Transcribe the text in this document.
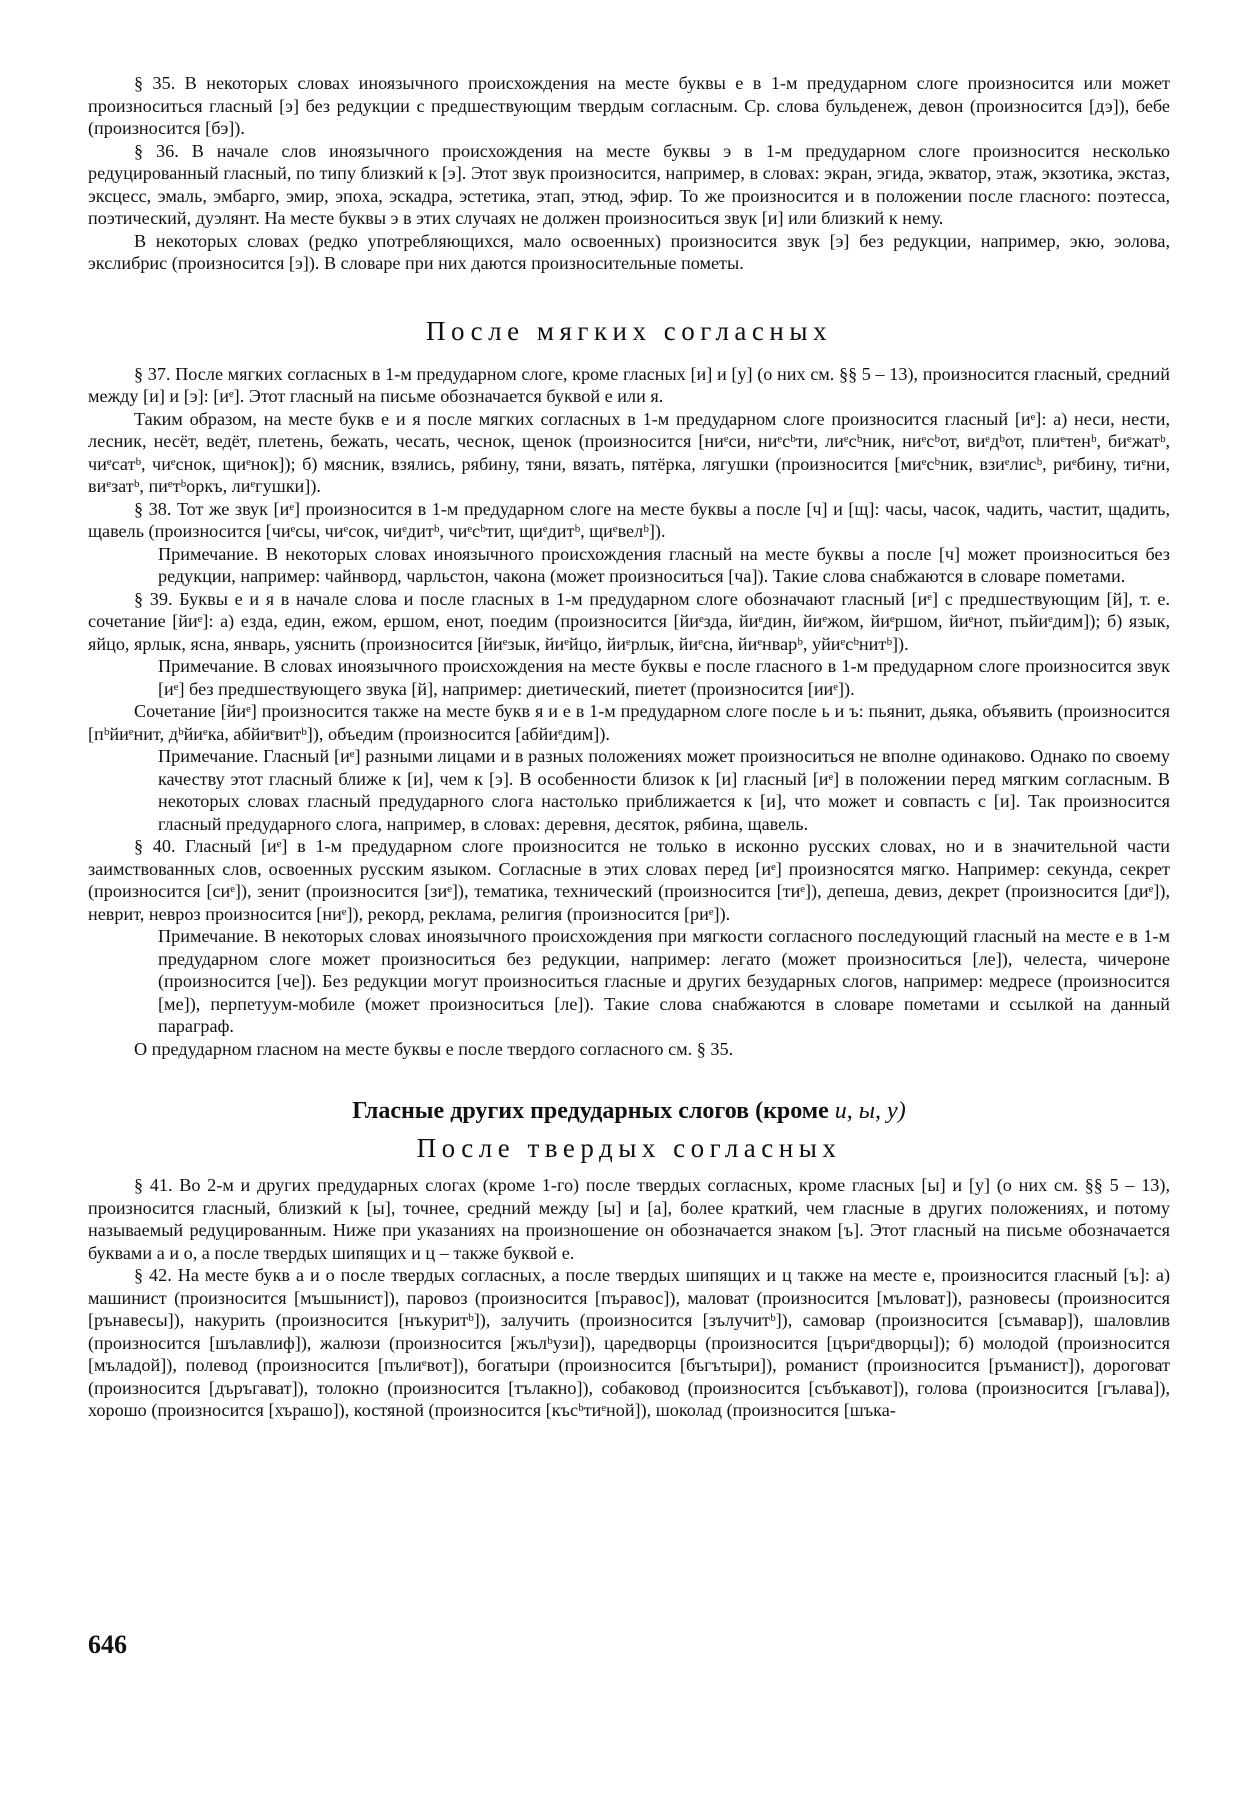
§ 35. В некоторых словах иноязычного происхождения на месте буквы е в 1-м предударном слоге произносится или может произноситься гласный [э] без редукции с предшествующим твердым согласным. Ср. слова бульденеж, девон (произносится [дэ]), бебе (произносится [бэ]).

§ 36. В начале слов иноязычного происхождения на месте буквы э в 1-м предударном слоге произносится несколько редуцированный гласный, по типу близкий к [э]. Этот звук произносится, например, в словах: экран, эгида, экватор, этаж, экзотика, экстаз, эксцесс, эмаль, эмбарго, эмир, эпоха, эскадра, эстетика, этап, этюд, эфир. То же произносится и в положении после гласного: поэтесса, поэтический, дуэлянт. На месте буквы э в этих случаях не должен произноситься звук [и] или близкий к нему.

В некоторых словах (редко употребляющихся, мало освоенных) произносится звук [э] без редукции, например, экю, эолова, экслибрис (произносится [э]). В словаре при них даются произносительные пометы.

После мягких согласных

§ 37. После мягких согласных в 1-м предударном слоге, кроме гласных [и] и [у] (о них см. §§ 5 – 13), произносится гласный, средний между [и] и [э]: [иᵉ]. Этот гласный на письме обозначается буквой е или я.

Таким образом, на месте букв е и я после мягких согласных в 1-м предударном слоге произносится гласный [иᵉ]: а) неси, нести, лесник, несёт, ведёт, плетень, бежать, чесать, чеснок, щенок (произносится [ниᵉси, ниᵉсᵇти, лиᵉсᵇник, ниᵉсᵇот, виᵉдᵇот, плиᵉтенᵇ, биᵉжатᵇ, чиᵉсатᵇ, чиᵉснок, щиᵉнок]); б) мясник, взялись, рябину, тяни, вязать, пятёрка, лягушки (произносится [миᵉсᵇник, взиᵉлисᵇ, риᵉбину, тиᵉни, виᵉзатᵇ, пиᵉтᵇоркъ, лиᵉгушки]).

§ 38. Тот же звук [иᵉ] произносится в 1-м предударном слоге на месте буквы а после [ч] и [щ]: часы, часок, чадить, частит, щадить, щавель (произносится [чиᵉсы, чиᵉсок, чиᵉдитᵇ, чиᵉсᵇтит, щиᵉдитᵇ, щиᵉвелᵇ]).

Примечание. В некоторых словах иноязычного происхождения гласный на месте буквы а после [ч] может произноситься без редукции, например: чайнворд, чарльстон, чакона (может произноситься [ча]). Такие слова снабжаются в словаре пометами.

§ 39. Буквы е и я в начале слова и после гласных в 1-м предударном слоге обозначают гласный [иᵉ] с предшествующим [й], т. е. сочетание [йиᵉ]: а) езда, един, ежом, ершом, енот, поедим (произносится [йиᵉзда, йиᵉдин, йиᵉжом, йиᵉршом, йиᵉнот, пъйиᵉдим]); б) язык, яйцо, ярлык, ясна, январь, уяснить (произносится [йиᵉзык, йиᵉйцо, йиᵉрлык, йиᵉсна, йиᵉнварᵇ, уйиᵉсᵇнитᵇ]).

Примечание. В словах иноязычного происхождения на месте буквы е после гласного в 1-м предударном слоге произносится звук [иᵉ] без предшествующего звука [й], например: диетический, пиетет (произносится [ииᵉ]).

Сочетание [йиᵉ] произносится также на месте букв я и е в 1-м предударном слоге после ь и ъ: пьянит, дьяка, объявить (произносится [пᵇйиᵉнит, дᵇйиᵉка, абйиᵉвитᵇ]), объедим (произносится [абйиᵉдим]).

Примечание. Гласный [иᵉ] разными лицами и в разных положениях может произноситься не вполне одинаково. Однако по своему качеству этот гласный ближе к [и], чем к [э]. В особенности близок к [и] гласный [иᵉ] в положении перед мягким согласным. В некоторых словах гласный предударного слога настолько приближается к [и], что может и совпасть с [и]. Так произносится гласный предударного слога, например, в словах: деревня, десяток, рябина, щавель.

§ 40. Гласный [иᵉ] в 1-м предударном слоге произносится не только в исконно русских словах, но и в значительной части заимствованных слов, освоенных русским языком. Согласные в этих словах перед [иᵉ] произносятся мягко. Например: секунда, секрет (произносится [сиᵉ]), зенит (произносится [зиᵉ]), тематика, технический (произносится [тиᵉ]), депеша, девиз, декрет (произносится [диᵉ]), неврит, невроз произносится [ниᵉ]), рекорд, реклама, религия (произносится [риᵉ]).

Примечание. В некоторых словах иноязычного происхождения при мягкости согласного последующий гласный на месте е в 1-м предударном слоге может произноситься без редукции, например: легато (может произноситься [ле]), челеста, чичероне (произносится [че]). Без редукции могут произноситься гласные и других безударных слогов, например: медресе (произносится [ме]), перпетуум-мобиле (может произноситься [ле]). Такие слова снабжаются в словаре пометами и ссылкой на данный параграф.

О предударном гласном на месте буквы е после твердого согласного см. § 35.

Гласные других предударных слогов (кроме и, ы, у)
После твердых согласных

§ 41. Во 2-м и других предударных слогах (кроме 1-го) после твердых согласных, кроме гласных [ы] и [у] (о них см. §§ 5 – 13), произносится гласный, близкий к [ы], точнее, средний между [ы] и [а], более краткий, чем гласные в других положениях, и потому называемый редуцированным. Ниже при указаниях на произношение он обозначается знаком [ъ]. Этот гласный на письме обозначается буквами а и о, а после твердых шипящих и ц – также буквой е.

§ 42. На месте букв а и о после твердых согласных, а после твердых шипящих и ц также на месте е, произносится гласный [ъ]: а) машинист (произносится [мъшынист]), паровоз (произносится [пъравос]), маловат (произносится [мъловат]), разновесы (произносится [рънавесы]), накурить (произносится [нъкуритᵇ]), залучить (произносится [зълучитᵇ]), самовар (произносится [съмавар]), шаловлив (произносится [шълавлиф]), жалюзи (произносится [жълᵇузи]), царедворцы (произносится [църиᵉдворцы]); б) молодой (произносится [мъладой]), полевод (произносится [пълиᵉвот]), богатыри (произносится [бъгътыри]), романист (произносится [ръманист]), дороговат (произносится [дъръгават]), толокно (произносится [тълакно]), собаковод (произносится [събъкавот]), голова (произносится [гълава]), хорошо (произносится [хърашо]), костяной (произносится [късᵇтиᵉной]), шоколад (произносится [шъка-

646
